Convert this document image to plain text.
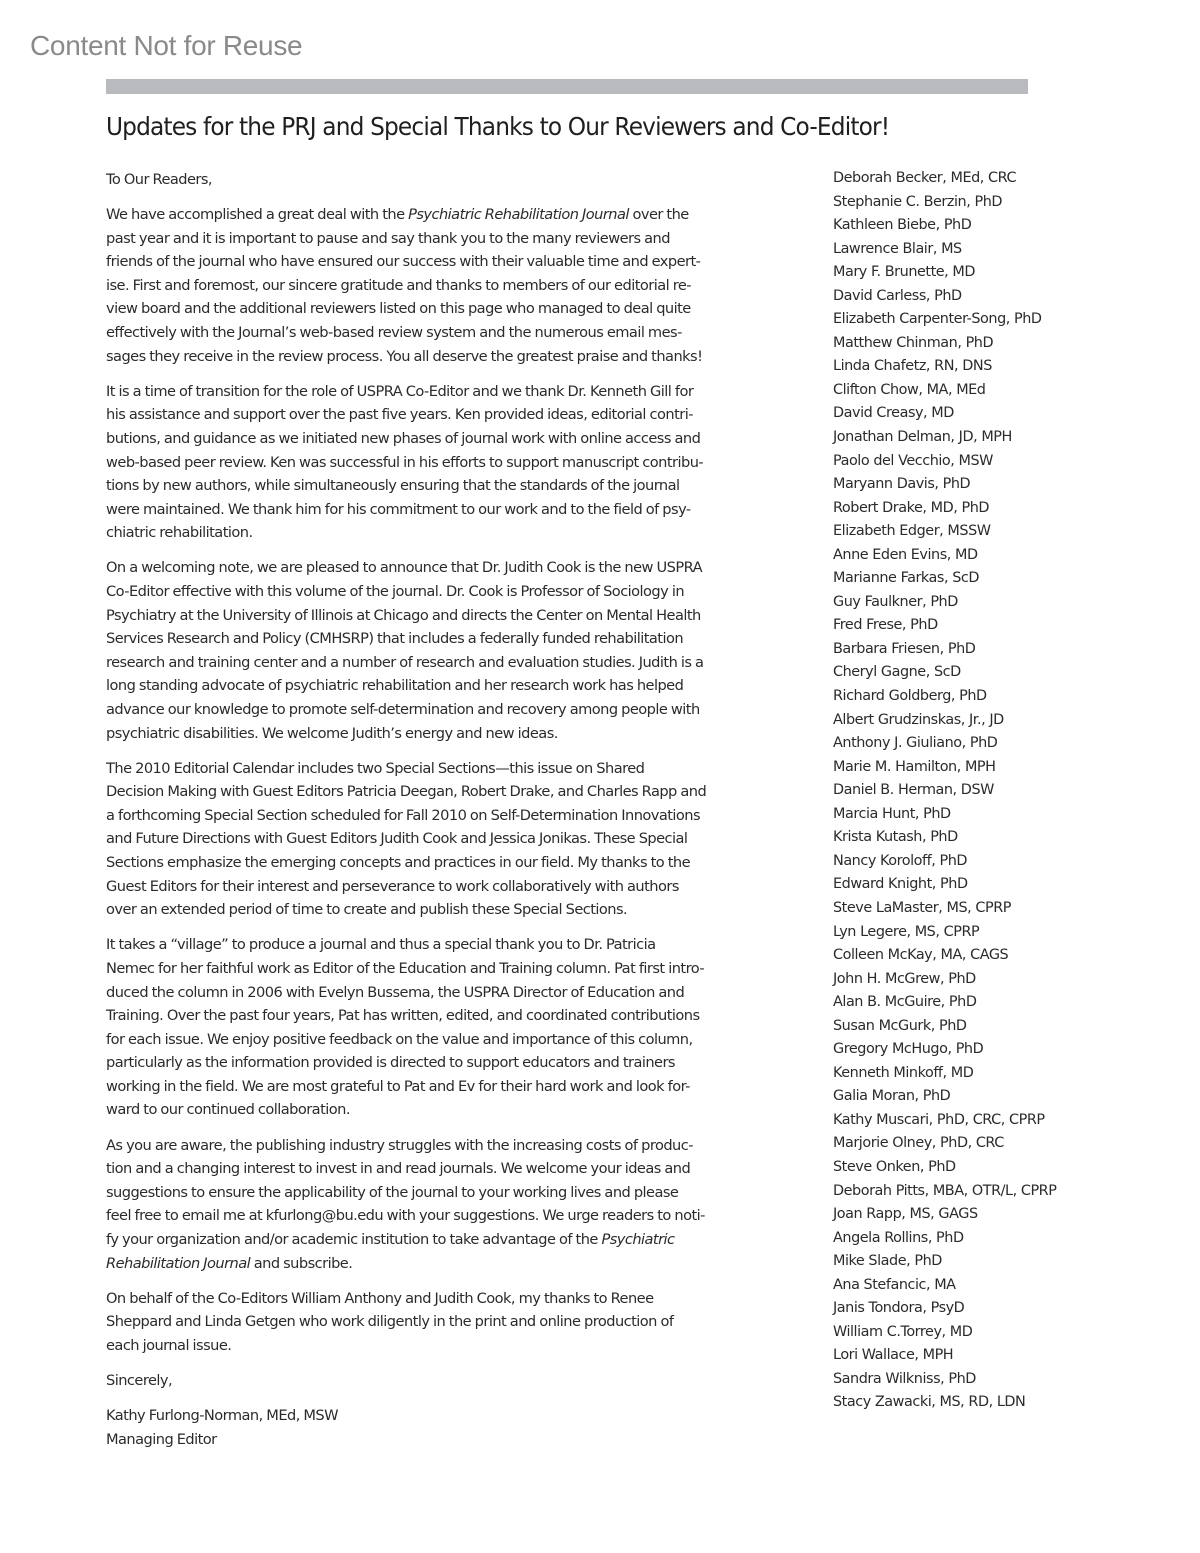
Content Not for Reuse
Updates for the PRJ and Special Thanks to Our Reviewers and Co-Editor!

To Our Readers,

We have accomplished a great deal with the Psychiatric Rehabilitation Journal over the
past year and it is important to pause and say thank you to the many reviewers and
friends of the journal who have ensured our success with their valuable time and expert-
ise. First and foremost, our sincere gratitude and thanks to members of our editorial re-
view board and the additional reviewers listed on this page who managed to deal quite
effectively with the Journal’s web-based review system and the numerous email mes-
sages they receive in the review process. You all deserve the greatest praise and thanks!

It is a time of transition for the role of USPRA Co-Editor and we thank Dr. Kenneth Gill for
his assistance and support over the past five years. Ken provided ideas, editorial contri-
butions, and guidance as we initiated new phases of journal work with online access and
web-based peer review. Ken was successful in his efforts to support manuscript contribu-
tions by new authors, while simultaneously ensuring that the standards of the journal
were maintained. We thank him for his commitment to our work and to the field of psy-
chiatric rehabilitation.

On a welcoming note, we are pleased to announce that Dr. Judith Cook is the new USPRA
Co-Editor effective with this volume of the journal. Dr. Cook is Professor of Sociology in
Psychiatry at the University of Illinois at Chicago and directs the Center on Mental Health
Services Research and Policy (CMHSRP) that includes a federally funded rehabilitation
research and training center and a number of research and evaluation studies. Judith is a
long standing advocate of psychiatric rehabilitation and her research work has helped
advance our knowledge to promote self-determination and recovery among people with
psychiatric disabilities. We welcome Judith’s energy and new ideas.

The 2010 Editorial Calendar includes two Special Sections—this issue on Shared
Decision Making with Guest Editors Patricia Deegan, Robert Drake, and Charles Rapp and
a forthcoming Special Section scheduled for Fall 2010 on Self-Determination Innovations
and Future Directions with Guest Editors Judith Cook and Jessica Jonikas. These Special
Sections emphasize the emerging concepts and practices in our field. My thanks to the
Guest Editors for their interest and perseverance to work collaboratively with authors
over an extended period of time to create and publish these Special Sections.

It takes a “village” to produce a journal and thus a special thank you to Dr. Patricia
Nemec for her faithful work as Editor of the Education and Training column. Pat first intro-
duced the column in 2006 with Evelyn Bussema, the USPRA Director of Education and
Training. Over the past four years, Pat has written, edited, and coordinated contributions
for each issue. We enjoy positive feedback on the value and importance of this column,
particularly as the information provided is directed to support educators and trainers
working in the field. We are most grateful to Pat and Ev for their hard work and look for-
ward to our continued collaboration.

As you are aware, the publishing industry struggles with the increasing costs of produc-
tion and a changing interest to invest in and read journals. We welcome your ideas and
suggestions to ensure the applicability of the journal to your working lives and please
feel free to email me at kfurlong@bu.edu with your suggestions. We urge readers to noti-
fy your organization and/or academic institution to take advantage of the Psychiatric
Rehabilitation Journal and subscribe.

On behalf of the Co-Editors William Anthony and Judith Cook, my thanks to Renee
Sheppard and Linda Getgen who work diligently in the print and online production of
each journal issue.

Sincerely,

Kathy Furlong-Norman, MEd, MSW

Managing Editor

Deborah Becker, MEd, CRC
Stephanie C. Berzin, PhD
Kathleen Biebe, PhD
Lawrence Blair, MS
Mary F. Brunette, MD
David Carless, PhD
Elizabeth Carpenter-Song, PhD
Matthew Chinman, PhD
Linda Chafetz, RN, DNS
Clifton Chow, MA, MEd
David Creasy, MD
Jonathan Delman, JD, MPH
Paolo del Vecchio, MSW
Maryann Davis, PhD
Robert Drake, MD, PhD
Elizabeth Edger, MSSW
Anne Eden Evins, MD
Marianne Farkas, ScD
Guy Faulkner, PhD
Fred Frese, PhD
Barbara Friesen, PhD
Cheryl Gagne, ScD
Richard Goldberg, PhD
Albert Grudzinskas, Jr., JD
Anthony J. Giuliano, PhD
Marie M. Hamilton, MPH
Daniel B. Herman, DSW
Marcia Hunt, PhD
Krista Kutash, PhD
Nancy Koroloff, PhD
Edward Knight, PhD
Steve LaMaster, MS, CPRP
Lyn Legere, MS, CPRP
Colleen McKay, MA, CAGS
John H. McGrew, PhD
Alan B. McGuire, PhD
Susan McGurk, PhD
Gregory McHugo, PhD
Kenneth Minkoff, MD
Galia Moran, PhD
Kathy Muscari, PhD, CRC, CPRP
Marjorie Olney, PhD, CRC
Steve Onken, PhD
Deborah Pitts, MBA, OTR/L, CPRP
Joan Rapp, MS, GAGS
Angela Rollins, PhD
Mike Slade, PhD
Ana Stefancic, MA
Janis Tondora, PsyD
William C.Torrey, MD
Lori Wallace, MPH
Sandra Wilkniss, PhD
Stacy Zawacki, MS, RD, LDN
